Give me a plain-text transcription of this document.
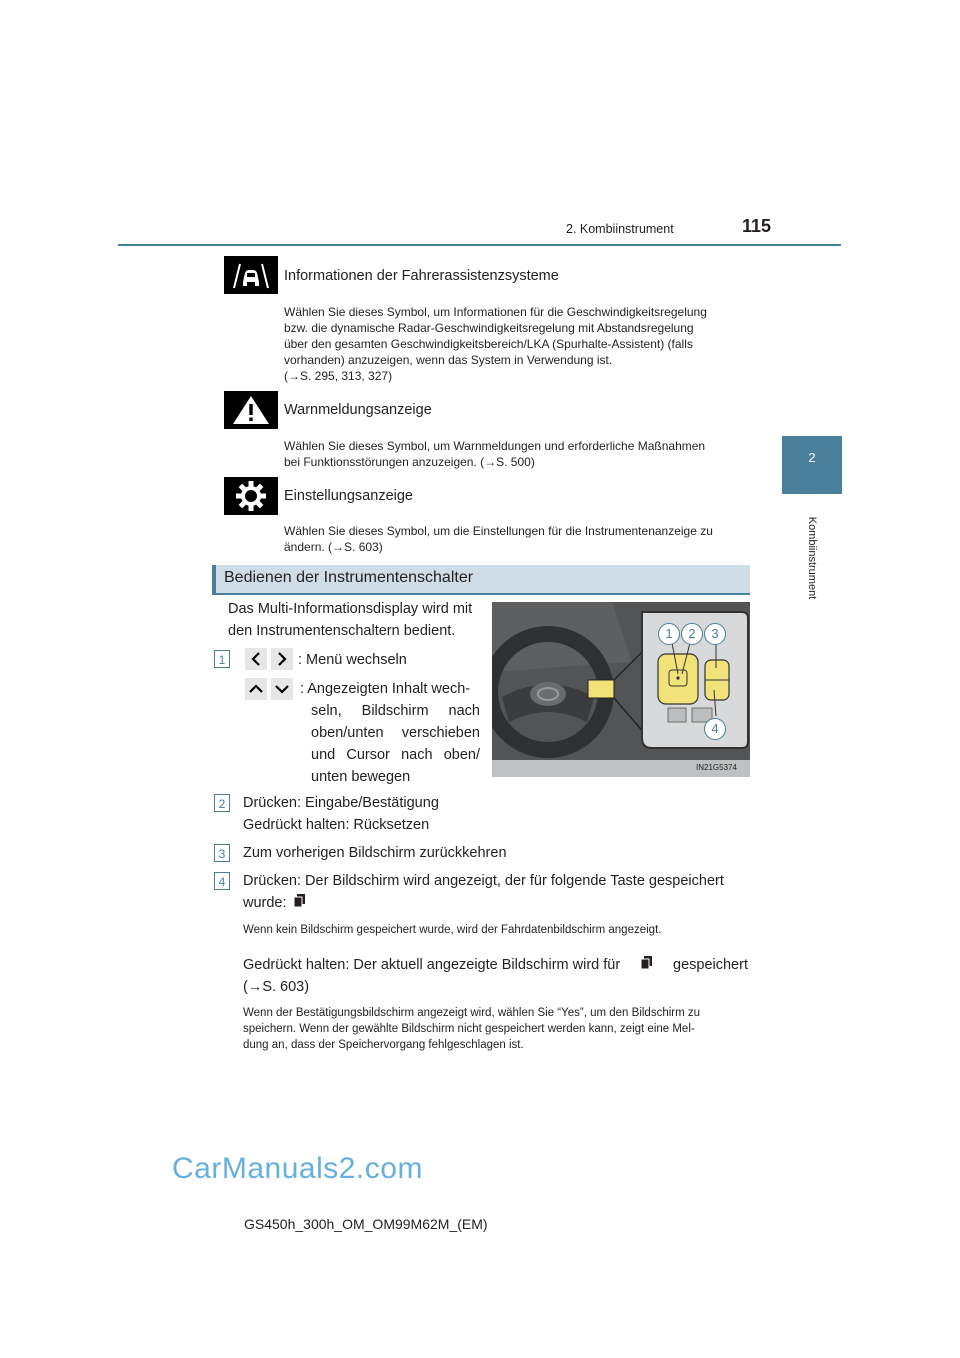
2. Kombiinstrument	115
2
Kombiinstrument
Informationen der Fahrerassistenzsysteme
Wählen Sie dieses Symbol, um Informationen für die Geschwindigkeitsregelung
bzw. die dynamische Radar-Geschwindigkeitsregelung mit Abstandsregelung
über den gesamten Geschwindigkeitsbereich/LKA (Spurhalte-Assistent) (falls
vorhanden) anzuzeigen, wenn das System in Verwendung ist.
(→S. 295, 313, 327)
Warnmeldungsanzeige
Wählen Sie dieses Symbol, um Warnmeldungen und erforderliche Maßnahmen
bei Funktionsstörungen anzuzeigen. (→S. 500)
Einstellungsanzeige
Wählen Sie dieses Symbol, um die Einstellungen für die Instrumentenanzeige zu
ändern. (→S. 603)
Bedienen der Instrumentenschalter
Das Multi-Informationsdisplay wird mit
den Instrumentenschaltern bedient.	1	2	3
4
IN21G5374
1	: Menü wechseln
: Angezeigten Inhalt wech-
seln, Bildschirm nach
oben/unten verschieben
und Cursor nach oben/
unten bewegen
2	Drücken: Eingabe/Bestätigung
Gedrückt halten: Rücksetzen
3	Zum vorherigen Bildschirm zurückkehren
4	Drücken: Der Bildschirm wird angezeigt, der für folgende Taste gespeichert
wurde:
Wenn kein Bildschirm gespeichert wurde, wird der Fahrdatenbildschirm angezeigt.
Gedrückt halten: Der aktuell angezeigte Bildschirm wird für	gespeichert
(→S. 603)
Wenn der Bestätigungsbildschirm angezeigt wird, wählen Sie “Yes”, um den Bildschirm zu
speichern. Wenn der gewählte Bildschirm nicht gespeichert werden kann, zeigt eine Mel-
dung an, dass der Speichervorgang fehlgeschlagen ist.
CarManuals2.com
GS450h_300h_OM_OM99M62M_(EM)
